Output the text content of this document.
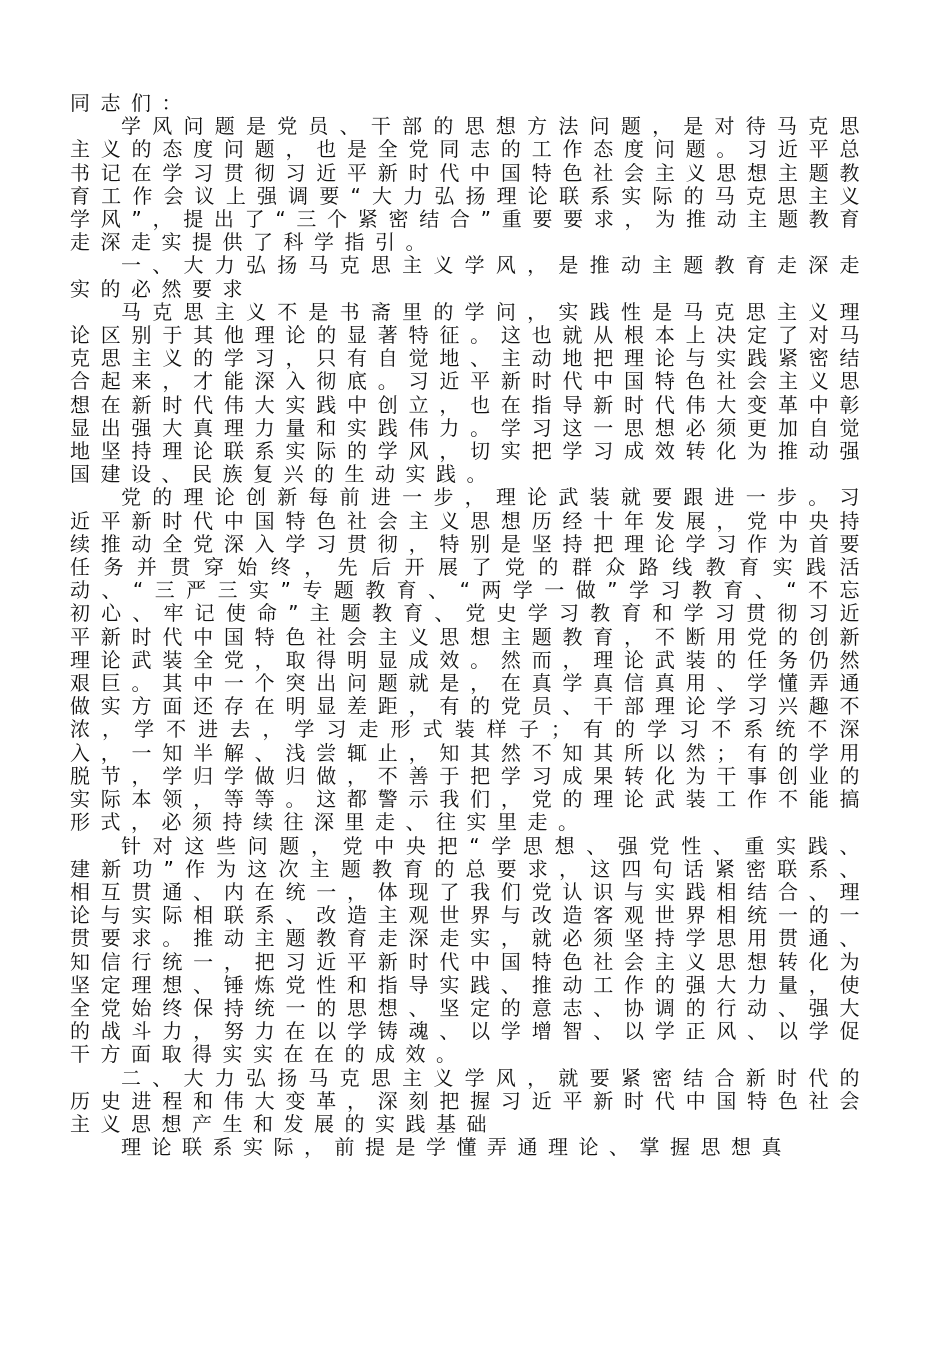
同志们：

学风问题是党员、干部的思想方法问题，是对待马克思主义的态度问题，也是全党同志的工作态度问题。习近平总书记在学习贯彻习近平新时代中国特色社会主义思想主题教育工作会议上强调要“大力弘扬理论联系实际的马克思主义学风”，提出了“三个紧密结合”重要要求，为推动主题教育走深走实提供了科学指引。

一、大力弘扬马克思主义学风，是推动主题教育走深走实的必然要求

马克思主义不是书斋里的学问，实践性是马克思主义理论区别于其他理论的显著特征。这也就从根本上决定了对马克思主义的学习，只有自觉地、主动地把理论与实践紧密结合起来，才能深入彻底。习近平新时代中国特色社会主义思想在新时代伟大实践中创立，也在指导新时代伟大变革中彰显出强大真理力量和实践伟力。学习这一思想必须更加自觉地坚持理论联系实际的学风，切实把学习成效转化为推动强国建设、民族复兴的生动实践。

党的理论创新每前进一步，理论武装就要跟进一步。习近平新时代中国特色社会主义思想历经十年发展，党中央持续推动全党深入学习贯彻，特别是坚持把理论学习作为首要任务并贯穿始终，先后开展了党的群众路线教育实践活动、“三严三实”专题教育、“两学一做”学习教育、“不忘初心、牢记使命”主题教育、党史学习教育和学习贯彻习近平新时代中国特色社会主义思想主题教育，不断用党的创新理论武装全党，取得明显成效。然而，理论武装的任务仍然艰巨。其中一个突出问题就是，在真学真信真用、学懂弄通做实方面还存在明显差距，有的党员、干部理论学习兴趣不浓，学不进去，学习走形式装样子；有的学习不系统不深入，一知半解、浅尝辄止，知其然不知其所以然；有的学用脱节，学归学做归做，不善于把学习成果转化为干事创业的实际本领，等等。这都警示我们，党的理论武装工作不能搞形式，必须持续往深里走、往实里走。

针对这些问题，党中央把“学思想、强党性、重实践、建新功”作为这次主题教育的总要求，这四句话紧密联系、相互贯通、内在统一，体现了我们党认识与实践相结合、理论与实际相联系、改造主观世界与改造客观世界相统一的一贯要求。推动主题教育走深走实，就必须坚持学思用贯通、知信行统一，把习近平新时代中国特色社会主义思想转化为坚定理想、锤炼党性和指导实践、推动工作的强大力量，使全党始终保持统一的思想、坚定的意志、协调的行动、强大的战斗力，努力在以学铸魂、以学增智、以学正风、以学促干方面取得实实在在的成效。

二、大力弘扬马克思主义学风，就要紧密结合新时代的历史进程和伟大变革，深刻把握习近平新时代中国特色社会主义思想产生和发展的实践基础

理论联系实际，前提是学懂弄通理论、掌握思想真
